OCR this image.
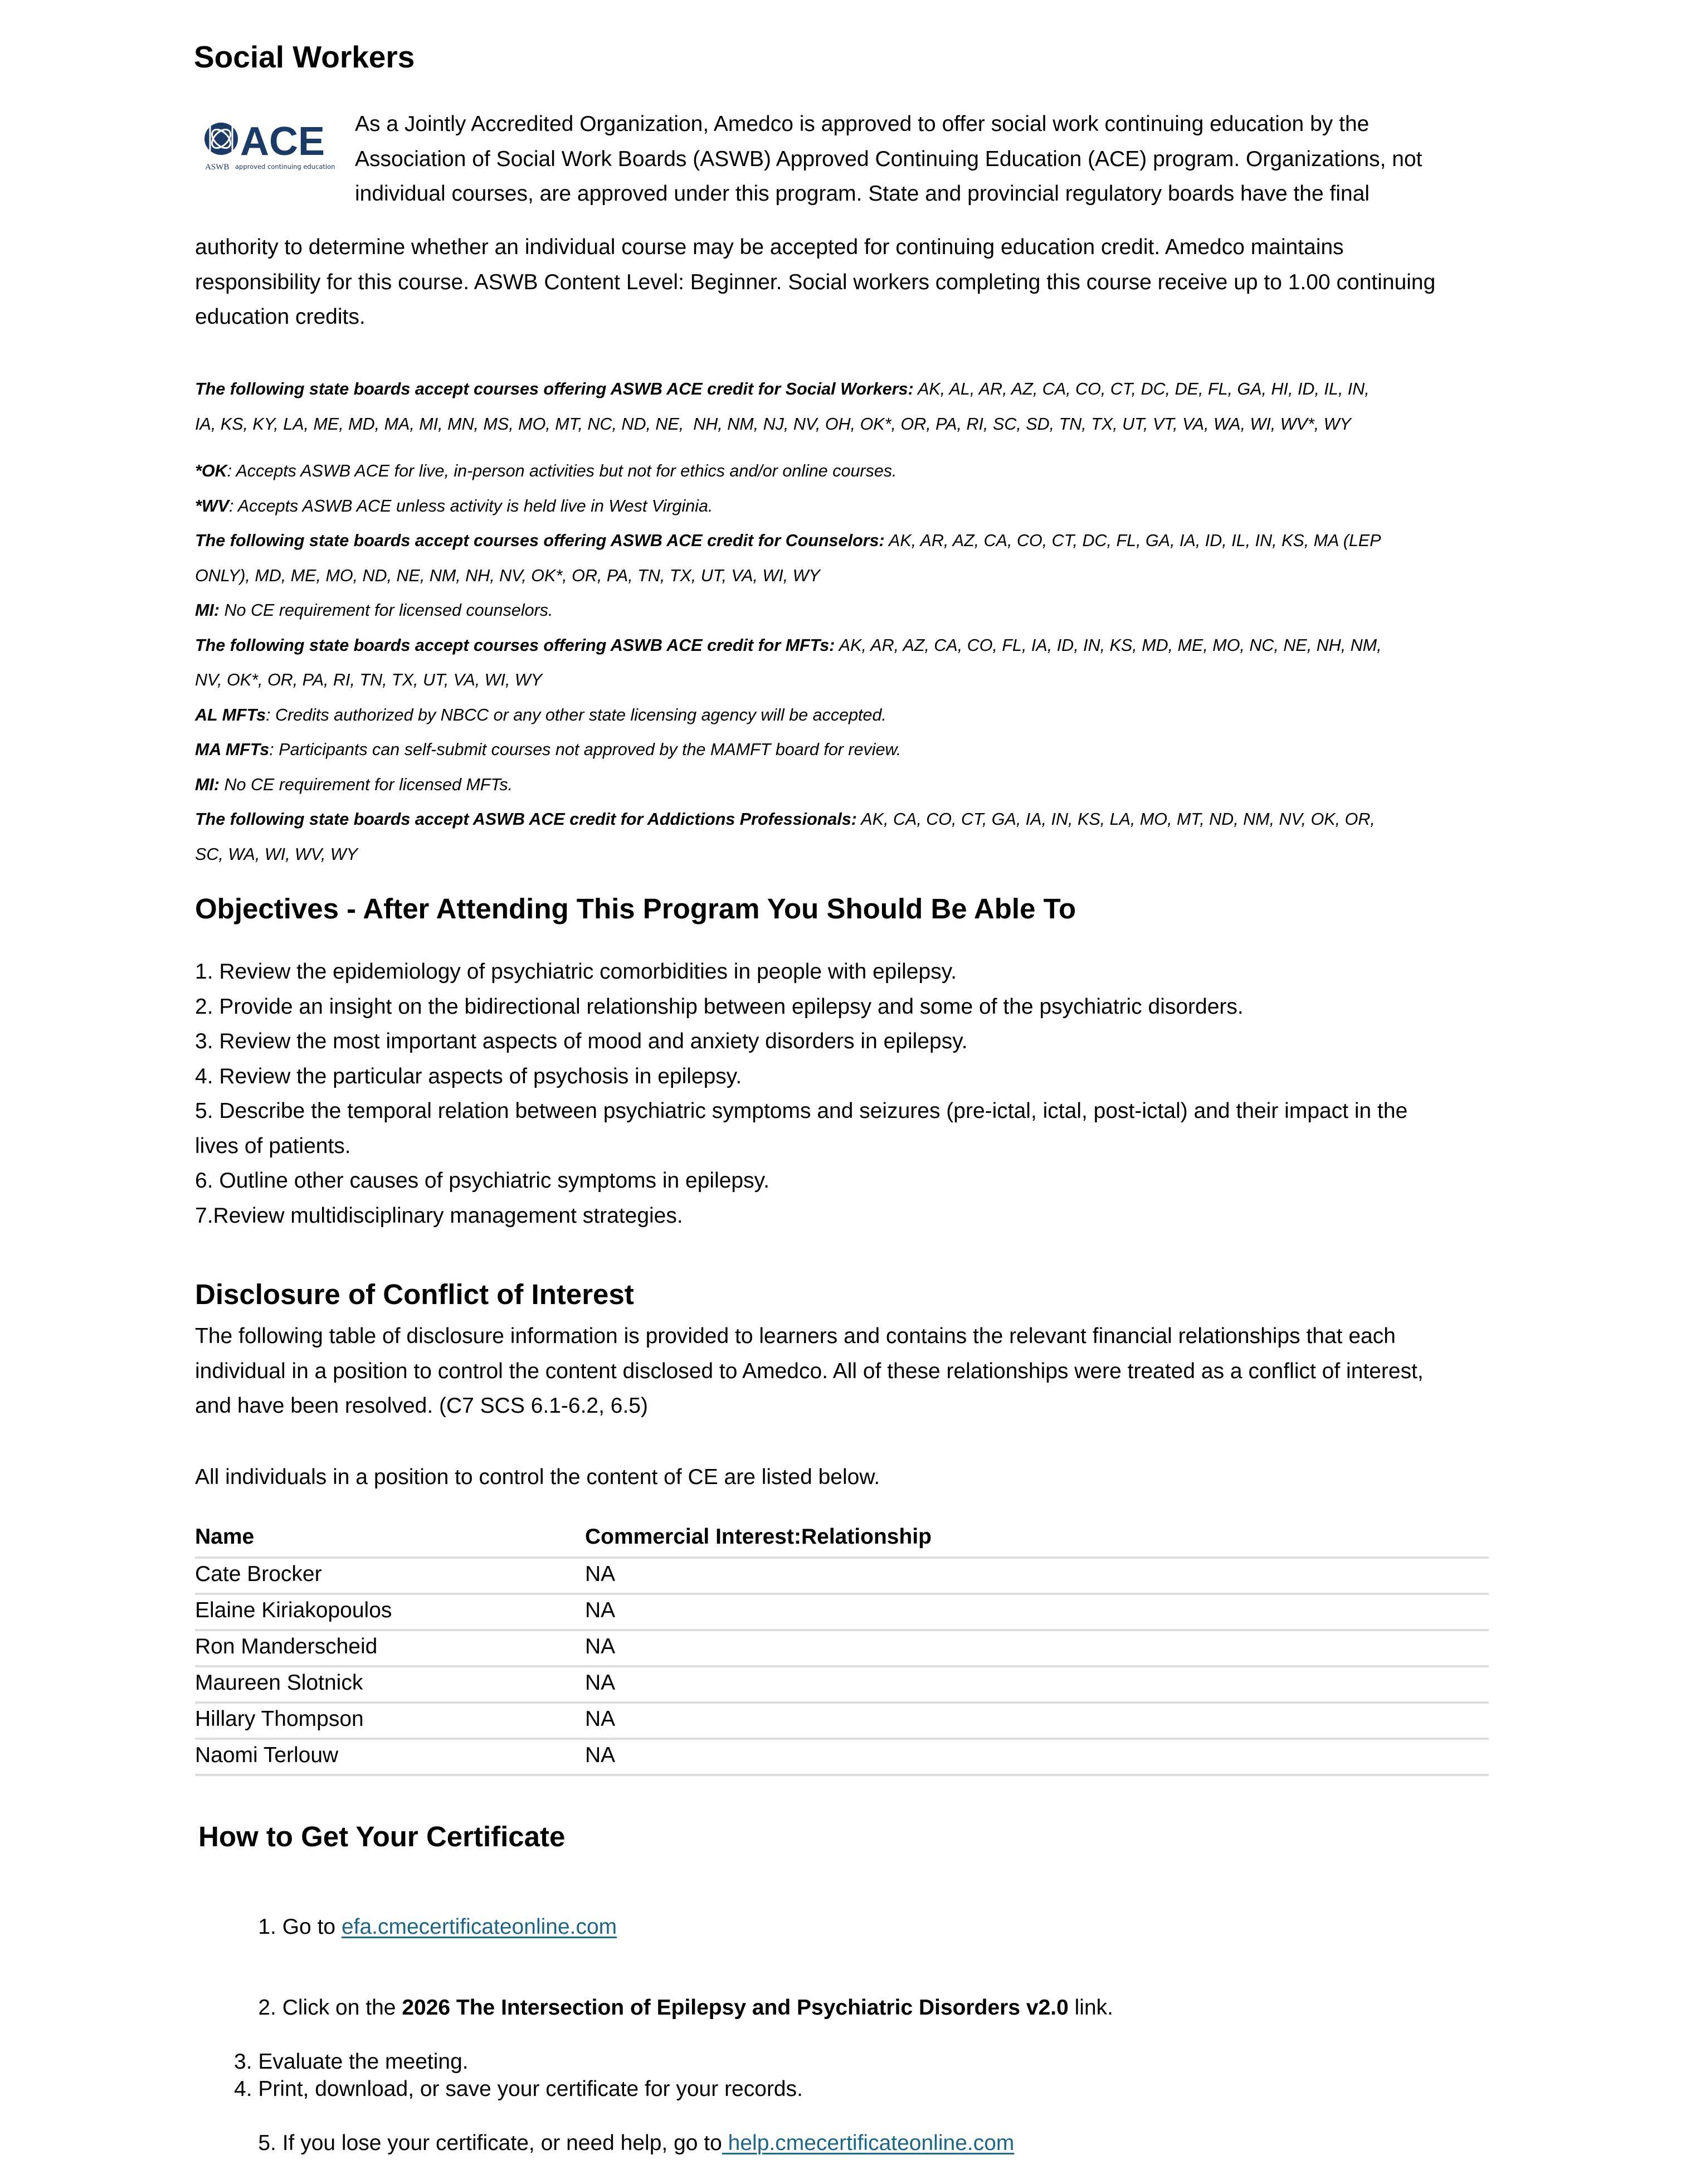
Social Workers
ACE
ASWB approved continuing education
As a Jointly Accredited Organization, Amedco is approved to offer social work continuing education by the
Association of Social Work Boards (ASWB) Approved Continuing Education (ACE) program. Organizations, not
individual courses, are approved under this program. State and provincial regulatory boards have the final
authority to determine whether an individual course may be accepted for continuing education credit. Amedco maintains
responsibility for this course. ASWB Content Level: Beginner. Social workers completing this course receive up to 1.00 continuing
education credits.
The following state boards accept courses offering ASWB ACE credit for Social Workers: AK, AL, AR, AZ, CA, CO, CT, DC, DE, FL, GA, HI, ID, IL, IN,
IA, KS, KY, LA, ME, MD, MA, MI, MN, MS, MO, MT, NC, ND, NE,  NH, NM, NJ, NV, OH, OK*, OR, PA, RI, SC, SD, TN, TX, UT, VT, VA, WA, WI, WV*, WY
*OK: Accepts ASWB ACE for live, in-person activities but not for ethics and/or online courses.
*WV: Accepts ASWB ACE unless activity is held live in West Virginia.
The following state boards accept courses offering ASWB ACE credit for Counselors: AK, AR, AZ, CA, CO, CT, DC, FL, GA, IA, ID, IL, IN, KS, MA (LEP
ONLY), MD, ME, MO, ND, NE, NM, NH, NV, OK*, OR, PA, TN, TX, UT, VA, WI, WY
MI: No CE requirement for licensed counselors.
The following state boards accept courses offering ASWB ACE credit for MFTs: AK, AR, AZ, CA, CO, FL, IA, ID, IN, KS, MD, ME, MO, NC, NE, NH, NM,
NV, OK*, OR, PA, RI, TN, TX, UT, VA, WI, WY
AL MFTs: Credits authorized by NBCC or any other state licensing agency will be accepted.
MA MFTs: Participants can self-submit courses not approved by the MAMFT board for review.
MI: No CE requirement for licensed MFTs.
The following state boards accept ASWB ACE credit for Addictions Professionals: AK, CA, CO, CT, GA, IA, IN, KS, LA, MO, MT, ND, NM, NV, OK, OR,
SC, WA, WI, WV, WY
Objectives - After Attending This Program You Should Be Able To
1. Review the epidemiology of psychiatric comorbidities in people with epilepsy.
2. Provide an insight on the bidirectional relationship between epilepsy and some of the psychiatric disorders.
3. Review the most important aspects of mood and anxiety disorders in epilepsy.
4. Review the particular aspects of psychosis in epilepsy.
5. Describe the temporal relation between psychiatric symptoms and seizures (pre-ictal, ictal, post-ictal) and their impact in the
lives of patients.
6. Outline other causes of psychiatric symptoms in epilepsy.
7.Review multidisciplinary management strategies.
Disclosure of Conflict of Interest
The following table of disclosure information is provided to learners and contains the relevant financial relationships that each
individual in a position to control the content disclosed to Amedco. All of these relationships were treated as a conflict of interest,
and have been resolved. (C7 SCS 6.1-6.2, 6.5)
All individuals in a position to control the content of CE are listed below.
Name	Commercial Interest:Relationship
Cate Brocker	NA
Elaine Kiriakopoulos	NA
Ron Manderscheid	NA
Maureen Slotnick	NA
Hillary Thompson	NA
Naomi Terlouw	NA
How to Get Your Certificate

1. Go to efa.cmecertificateonline.com

2. Click on the 2026 The Intersection of Epilepsy and Psychiatric Disorders v2.0 link.

3. Evaluate the meeting.
4. Print, download, or save your certificate for your records.

5. If you lose your certificate, or need help, go to help.cmecertificateonline.com
